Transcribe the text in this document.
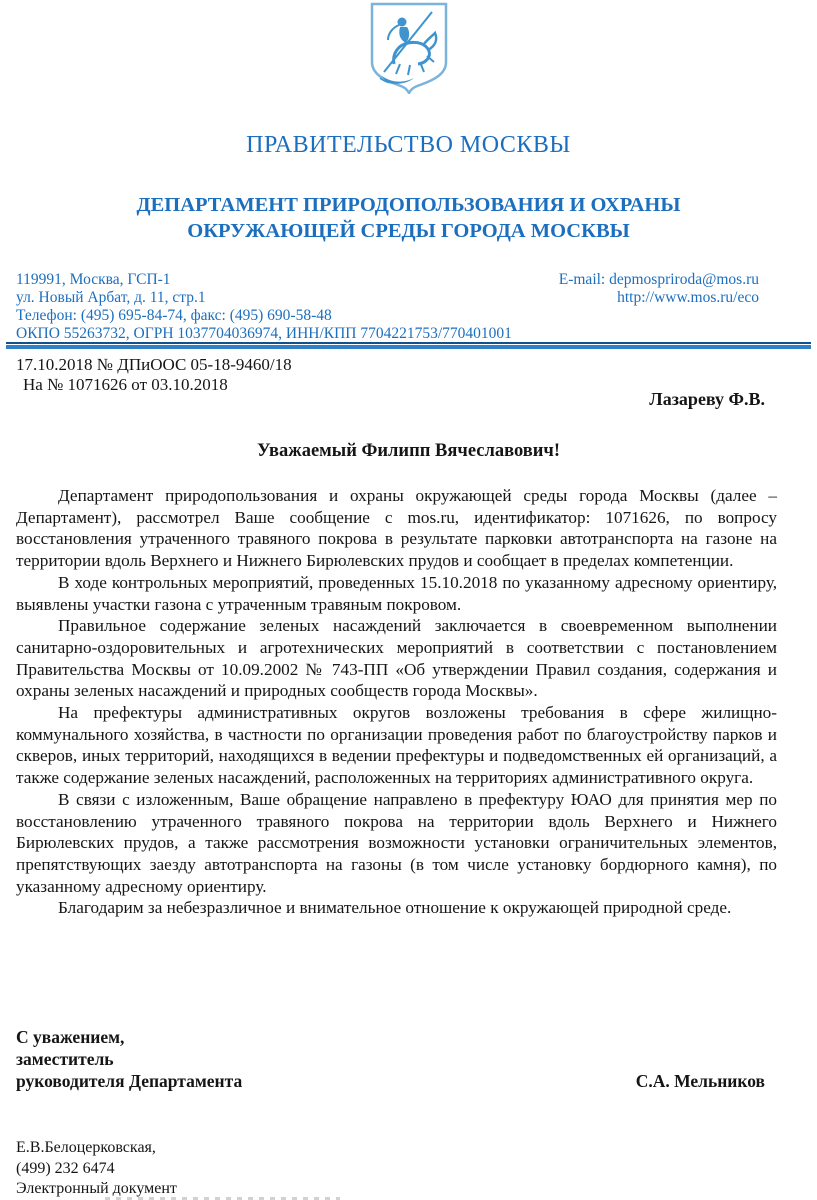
ПРАВИТЕЛЬСТВО МОСКВЫ
ДЕПАРТАМЕНТ ПРИРОДОПОЛЬЗОВАНИЯ И ОХРАНЫ
ОКРУЖАЮЩЕЙ СРЕДЫ ГОРОДА МОСКВЫ
119991, Москва, ГСП-1
ул. Новый Арбат, д. 11, стр.1
Телефон: (495) 695-84-74, факс: (495) 690-58-48
ОКПО 55263732, ОГРН 1037704036974, ИНН/КПП 7704221753/770401001
E-mail: depmospriroda@mos.ru
http://www.mos.ru/eco
17.10.2018 № ДПиООС 05-18-9460/18
На № 1071626 от 03.10.2018
Лазареву Ф.В.
Уважаемый Филипп Вячеславович!

Департамент природопользования и охраны окружающей среды города Москвы (далее – Департамент), рассмотрел Ваше сообщение с mos.ru, идентификатор: 1071626, по вопросу восстановления утраченного травяного покрова в результате парковки автотранспорта на газоне на территории вдоль Верхнего и Нижнего Бирюлевских прудов и сообщает в пределах компетенции.

В ходе контрольных мероприятий, проведенных 15.10.2018 по указанному адресному ориентиру, выявлены участки газона с утраченным травяным покровом.

Правильное содержание зеленых насаждений заключается в своевременном выполнении санитарно-оздоровительных и агротехнических мероприятий в соответствии с постановлением Правительства Москвы от 10.09.2002 № 743-ПП «Об утверждении Правил создания, содержания и охраны зеленых насаждений и природных сообществ города Москвы».

На префектуры административных округов возложены требования в сфере жилищно-коммунального хозяйства, в частности по организации проведения работ по благоустройству парков и скверов, иных территорий, находящихся в ведении префектуры и подведомственных ей организаций, а также содержание зеленых насаждений, расположенных на территориях административного округа.

В связи с изложенным, Ваше обращение направлено в префектуру ЮАО для принятия мер по восстановлению утраченного травяного покрова на территории вдоль Верхнего и Нижнего Бирюлевских прудов, а также рассмотрения возможности установки ограничительных элементов, препятствующих заезду автотранспорта на газоны (в том числе установку бордюрного камня), по указанному адресному ориентиру.

Благодарим за небезразличное и внимательное отношение к окружающей природной среде.

С уважением,
заместитель
руководителя Департамента	С.А. Мельников
Е.В.Белоцерковская,
(499) 232 6474
Электронный документ
